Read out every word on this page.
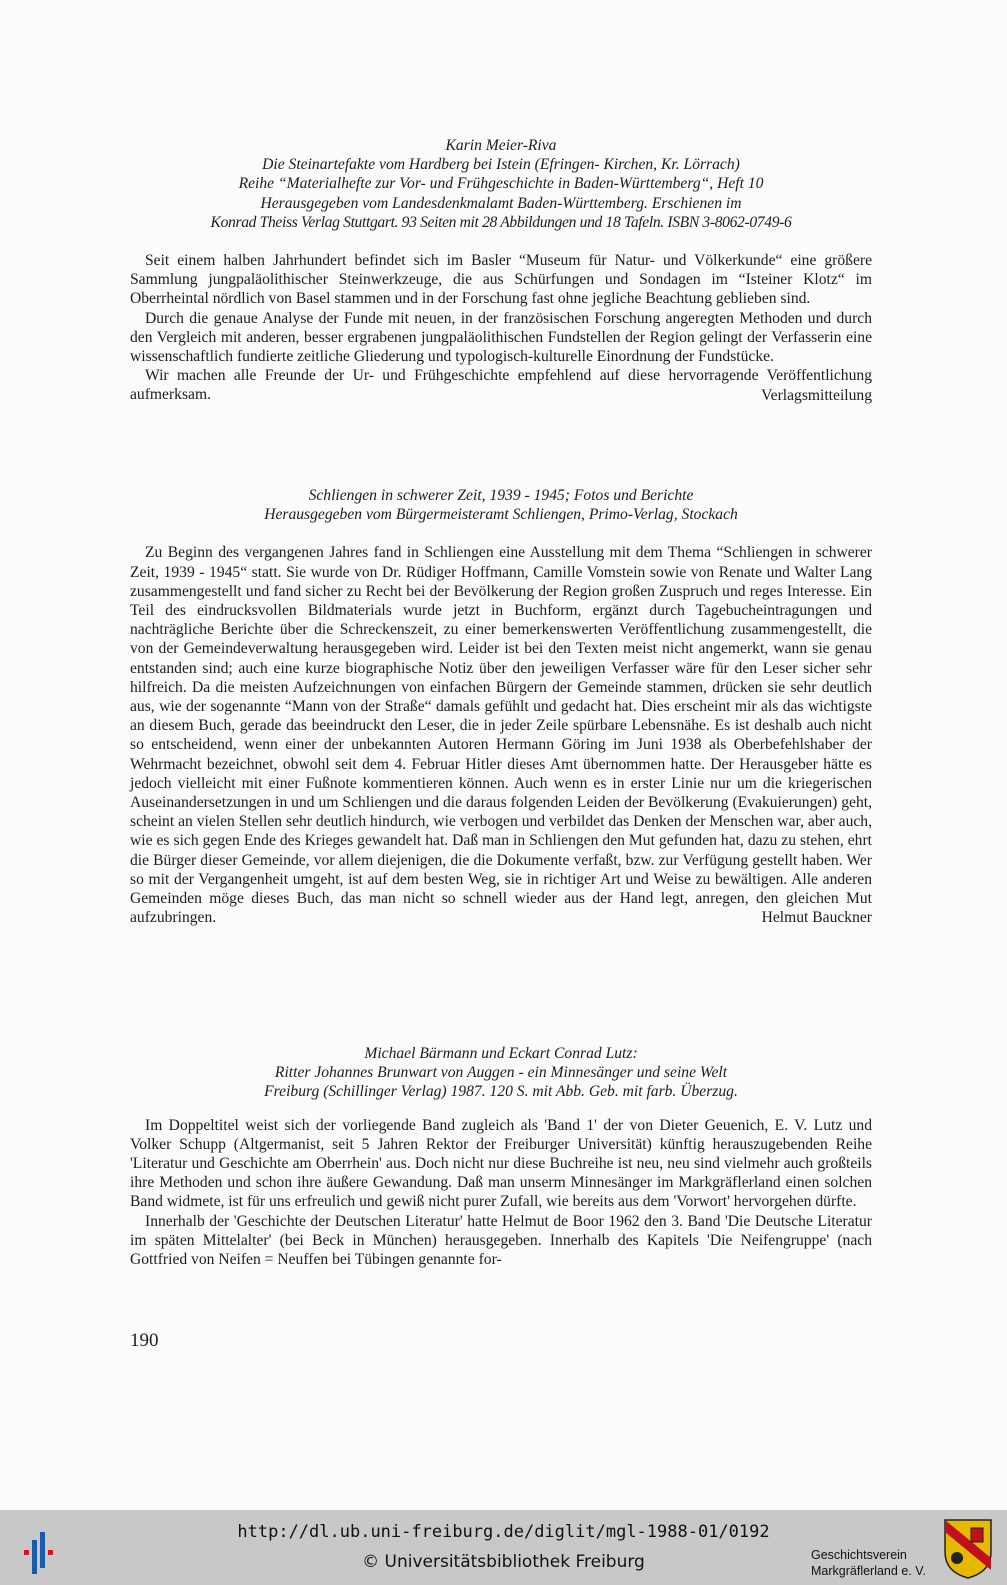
Karin Meier-Riva
Die Steinartefakte vom Hardberg bei Istein (Efringen- Kirchen, Kr. Lörrach)
Reihe “Materialhefte zur Vor- und Frühgeschichte in Baden-Württemberg“, Heft 10
Herausgegeben vom Landesdenkmalamt Baden-Württemberg. Erschienen im
Konrad Theiss Verlag Stuttgart. 93 Seiten mit 28 Abbildungen und 18 Tafeln. ISBN 3-8062-0749-6

Seit einem halben Jahrhundert befindet sich im Basler “Museum für Natur- und Völkerkunde“ eine größere Sammlung jungpaläolithischer Steinwerkzeuge, die aus Schürfungen und Sondagen im “Isteiner Klotz“ im Oberrheintal nördlich von Basel stammen und in der Forschung fast ohne jegliche Beachtung geblieben sind.

Durch die genaue Analyse der Funde mit neuen, in der französischen Forschung angeregten Methoden und durch den Vergleich mit anderen, besser ergrabenen jungpaläolithischen Fundstellen der Region gelingt der Verfasserin eine wissenschaftlich fundierte zeitliche Gliederung und typologisch-kulturelle Einordnung der Fundstücke.

Wir machen alle Freunde der Ur- und Frühgeschichte empfehlend auf diese hervorragende Veröffentlichung aufmerksam.	Verlagsmitteilung
Schliengen in schwerer Zeit, 1939 - 1945; Fotos und Berichte
Herausgegeben vom Bürgermeisteramt Schliengen, Primo-Verlag, Stockach

Zu Beginn des vergangenen Jahres fand in Schliengen eine Ausstellung mit dem Thema “Schliengen in schwerer Zeit, 1939 - 1945“ statt. Sie wurde von Dr. Rüdiger Hoffmann, Camille Vomstein sowie von Renate und Walter Lang zusammengestellt und fand sicher zu Recht bei der Bevölkerung der Region großen Zuspruch und reges Interesse. Ein Teil des eindrucksvollen Bildmaterials wurde jetzt in Buchform, ergänzt durch Tagebucheintragungen und nachträgliche Berichte über die Schreckenszeit, zu einer bemerkenswerten Veröffentlichung zusammengestellt, die von der Gemeindeverwaltung herausgegeben wird. Leider ist bei den Texten meist nicht angemerkt, wann sie genau entstanden sind; auch eine kurze biographische Notiz über den jeweiligen Verfasser wäre für den Leser sicher sehr hilfreich. Da die meisten Aufzeichnungen von einfachen Bürgern der Gemeinde stammen, drücken sie sehr deutlich aus, wie der sogenannte “Mann von der Straße“ damals gefühlt und gedacht hat. Dies erscheint mir als das wichtigste an diesem Buch, gerade das beeindruckt den Leser, die in jeder Zeile spürbare Lebensnähe. Es ist deshalb auch nicht so entscheidend, wenn einer der unbekannten Autoren Hermann Göring im Juni 1938 als Oberbefehlshaber der Wehrmacht bezeichnet, obwohl seit dem 4. Februar Hitler dieses Amt übernommen hatte. Der Herausgeber hätte es jedoch vielleicht mit einer Fußnote kommentieren können. Auch wenn es in erster Linie nur um die kriegerischen Auseinandersetzungen in und um Schliengen und die daraus folgenden Leiden der Bevölkerung (Evakuierungen) geht, scheint an vielen Stellen sehr deutlich hindurch, wie verbogen und verbildet das Denken der Menschen war, aber auch, wie es sich gegen Ende des Krieges gewandelt hat. Daß man in Schliengen den Mut gefunden hat, dazu zu stehen, ehrt die Bürger dieser Gemeinde, vor allem diejenigen, die die Dokumente verfaßt, bzw. zur Verfügung gestellt haben. Wer so mit der Vergangenheit umgeht, ist auf dem besten Weg, sie in richtiger Art und Weise zu bewältigen. Alle anderen Gemeinden möge dieses Buch, das man nicht so schnell wieder aus der Hand legt, anregen, den gleichen Mut aufzubringen.	Helmut Bauckner
Michael Bärmann und Eckart Conrad Lutz:
Ritter Johannes Brunwart von Auggen - ein Minnesänger und seine Welt
Freiburg (Schillinger Verlag) 1987. 120 S. mit Abb. Geb. mit farb. Überzug.

Im Doppeltitel weist sich der vorliegende Band zugleich als 'Band 1' der von Dieter Geuenich, E. V. Lutz und Volker Schupp (Altgermanist, seit 5 Jahren Rektor der Freiburger Universität) künftig herauszugebenden Reihe 'Literatur und Geschichte am Oberrhein' aus. Doch nicht nur diese Buchreihe ist neu, neu sind vielmehr auch großteils ihre Methoden und schon ihre äußere Gewandung. Daß man unserm Minnesänger im Markgräflerland einen solchen Band widmete, ist für uns erfreulich und gewiß nicht purer Zufall, wie bereits aus dem 'Vorwort' hervorgehen dürfte.

Innerhalb der 'Geschichte der Deutschen Literatur' hatte Helmut de Boor 1962 den 3. Band 'Die Deutsche Literatur im späten Mittelalter' (bei Beck in München) herausgegeben. Innerhalb des Kapitels 'Die Neifengruppe' (nach Gottfried von Neifen = Neuffen bei Tübingen genannte for-

190
http://dl.ub.uni-freiburg.de/diglit/mgl-1988-01/0192
© Universitätsbibliothek Freiburg	Geschichtsverein
Markgräflerland e. V.
